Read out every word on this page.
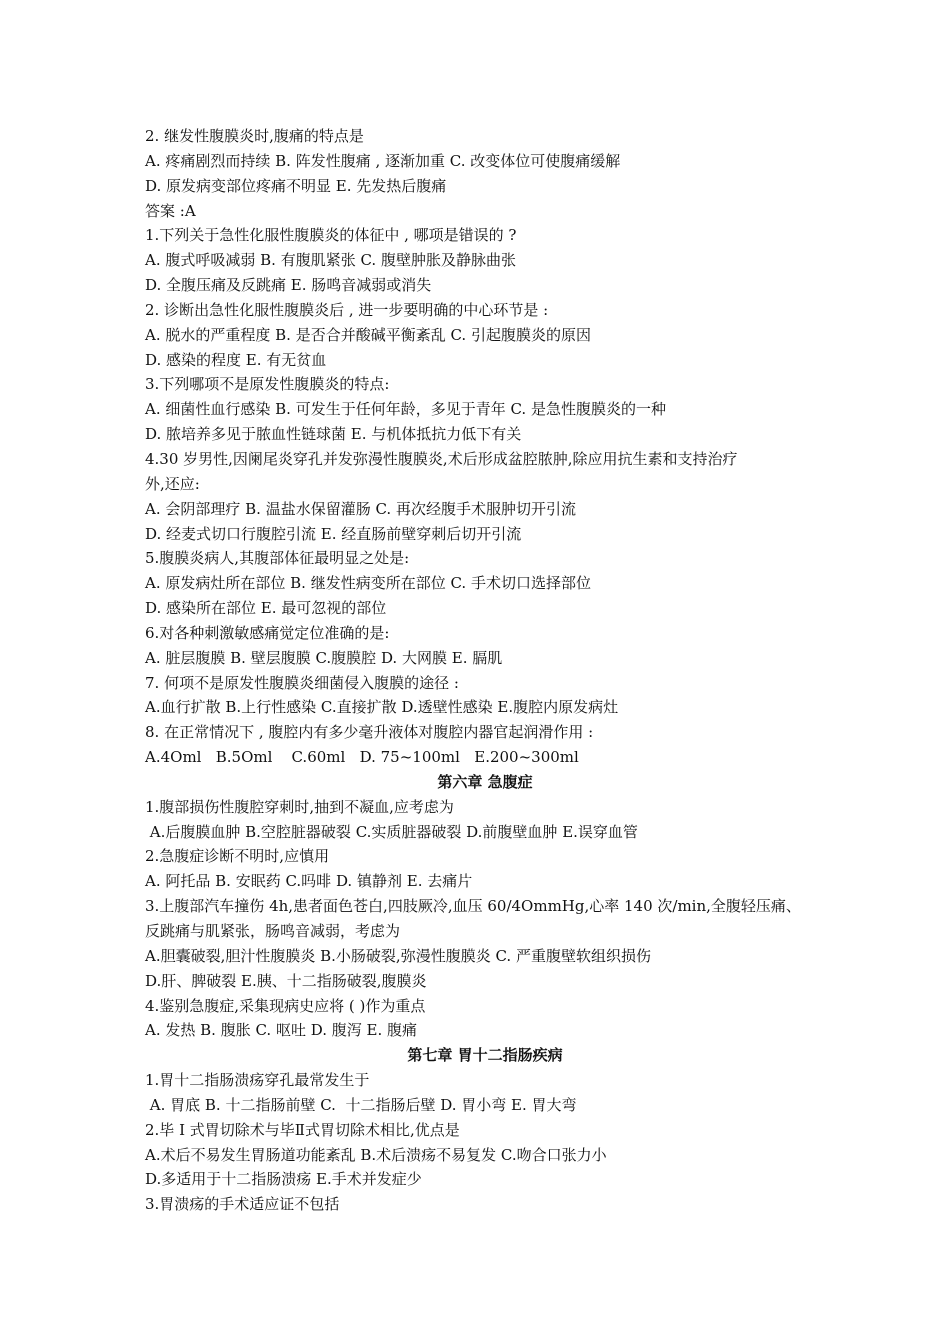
2. 继发性腹膜炎时,腹痛的特点是
A. 疼痛剧烈而持续 B. 阵发性腹痛 , 逐渐加重 C. 改变体位可使腹痛缓解
D. 原发病变部位疼痛不明显 E. 先发热后腹痛
答案 :A
1.下列关于急性化服性腹膜炎的体征中 , 哪项是错误的 ?
A. 腹式呼吸减弱 B. 有腹肌紧张 C. 腹壁肿胀及静脉曲张
D. 全腹压痛及反跳痛 E. 肠鸣音减弱或消失
2. 诊断出急性化服性腹膜炎后 , 进一步要明确的中心环节是 :
A. 脱水的严重程度 B. 是否合并酸碱平衡紊乱 C. 引起腹膜炎的原因
D. 感染的程度 E. 有无贫血
3.下列哪项不是原发性腹膜炎的特点:
A. 细菌性血行感染 B. 可发生于任何年龄，多见于青年 C. 是急性腹膜炎的一种
D. 脓培养多见于脓血性链球菌 E. 与机体抵抗力低下有关
4.30 岁男性,因阑尾炎穿孔并发弥漫性腹膜炎,术后形成盆腔脓肿,除应用抗生素和支持治疗
外,还应:
A. 会阴部理疗 B. 温盐水保留灌肠 C. 再次经腹手术服肿切开引流
D. 经麦式切口行腹腔引流 E. 经直肠前壁穿刺后切开引流
5.腹膜炎病人,其腹部体征最明显之处是:
A. 原发病灶所在部位 B. 继发性病变所在部位 C. 手术切口选择部位
D. 感染所在部位 E. 最可忽视的部位
6.对各种刺激敏感痛觉定位准确的是:
A. 脏层腹膜 B. 壁层腹膜 C.腹膜腔 D. 大网膜 E. 膈肌
7. 何项不是原发性腹膜炎细菌侵入腹膜的途径 :
A.血行扩散 B.上行性感染 C.直接扩散 D.透壁性感染 E.腹腔内原发病灶
8. 在正常情况下 , 腹腔内有多少毫升液体对腹腔内器官起润滑作用 :
A.4Oml   B.5Oml    C.60ml   D. 75~100ml   E.200~300ml
第六章 急腹症
1.腹部损伤性腹腔穿刺时,抽到不凝血,应考虑为
A.后腹膜血肿 B.空腔脏器破裂 C.实质脏器破裂 D.前腹壁血肿 E.误穿血管
2.急腹症诊断不明时,应慎用
A. 阿托品 B. 安眠药 C.吗啡 D. 镇静剂 E. 去痛片
3.上腹部汽车撞伤 4h,患者面色苍白,四肢厥冷,血压 60/4OmmHg,心率 140 次/min,全腹轻压痛、
反跳痛与肌紧张，肠鸣音减弱，考虑为
A.胆囊破裂,胆汁性腹膜炎 B.小肠破裂,弥漫性腹膜炎 C. 严重腹壁软组织损伤
D.肝、脾破裂 E.胰、十二指肠破裂,腹膜炎
4.鉴别急腹症,采集现病史应将 ( )作为重点
A. 发热 B. 腹胀 C. 呕吐 D. 腹泻 E. 腹痛
第七章 胃十二指肠疾病
1.胃十二指肠溃疡穿孔最常发生于
A. 胃底 B. 十二指肠前壁 C.  十二指肠后壁 D. 胃小弯 E. 胃大弯
2.毕 I 式胃切除术与毕Ⅱ式胃切除术相比,优点是
A.术后不易发生胃肠道功能紊乱 B.术后溃疡不易复发 C.吻合口张力小
D.多适用于十二指肠溃疡 E.手术并发症少
3.胃溃疡的手术适应证不包括
